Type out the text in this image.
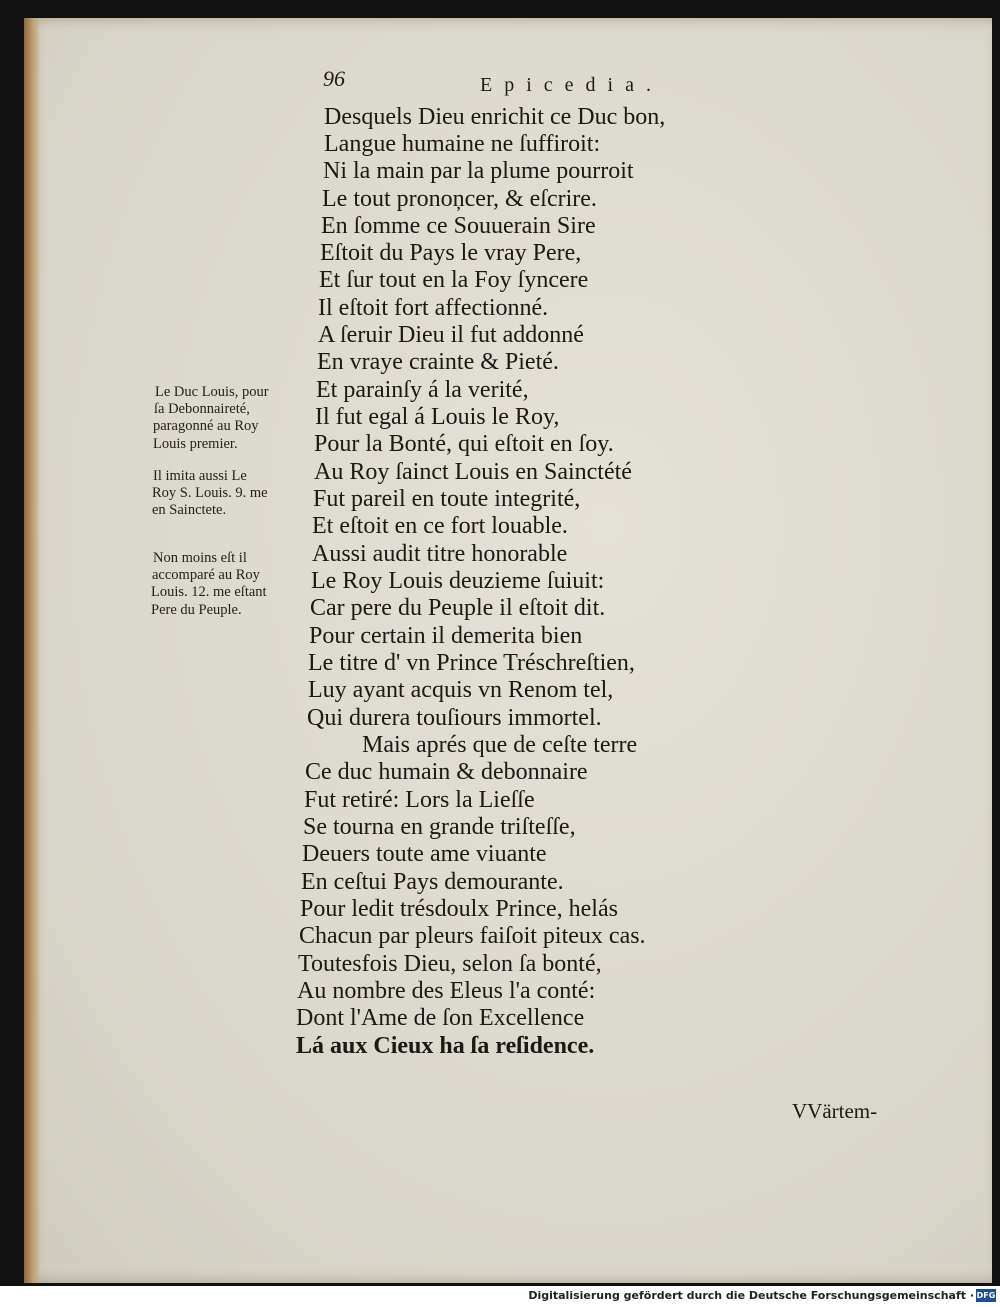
96	Epicedia.
Desquels Dieu enrichit ce Duc bon,
Langue humaine ne ſuffiroit:
Ni la main par la plume pourroit
Le tout pronoņcer, & eſcrire.
En ſomme ce Souuerain Sire
Eſtoit du Pays le vray Pere,
Et ſur tout en la Foy ſyncere
Il eſtoit fort affectionné.
A ſeruir Dieu il fut addonné
En vraye crainte & Pieté.
Et parainſy á la verité,
Il fut egal á Louis le Roy,
Pour la Bonté, qui eſtoit en ſoy.
Au Roy ſainct Louis en Sainctété
Fut pareil en toute integrité,
Et eſtoit en ce fort louable.
Aussi audit titre honorable
Le Roy Louis deuzieme ſuiuit:
Car pere du Peuple il eſtoit dit.
Pour certain il demerita bien
Le titre d' vn Prince Tréschreſtien,
Luy ayant acquis vn Renom tel,
Qui durera touſiours immortel.
Mais aprés que de ceſte terre
Ce duc humain & debonnaire
Fut retiré: Lors la Lieſſe
Se tourna en grande triſteſſe,
Deuers toute ame viuante
En ceſtui Pays demourante.
Pour ledit trésdoulx Prince, helás
Chacun par pleurs faiſoit piteux cas.
Toutesfois Dieu, selon ſa bonté,
Au nombre des Eleus l'a conté:
Dont l'Ame de ſon Excellence
Lá aux Cieux ha ſa reſidence.
Le Duc Louis, pour
ſa Debonnaireté,
paragonné au Roy
Louis premier.
Il imita aussi Le
Roy S. Louis. 9. me
en Sainctete.
Non moins eſt il
accomparé au Roy
Louis. 12. me eſtant
Pere du Peuple.
VVärtem-
Digitalisierung gefördert durch die Deutsche Forschungsgemeinschaft · DFG
